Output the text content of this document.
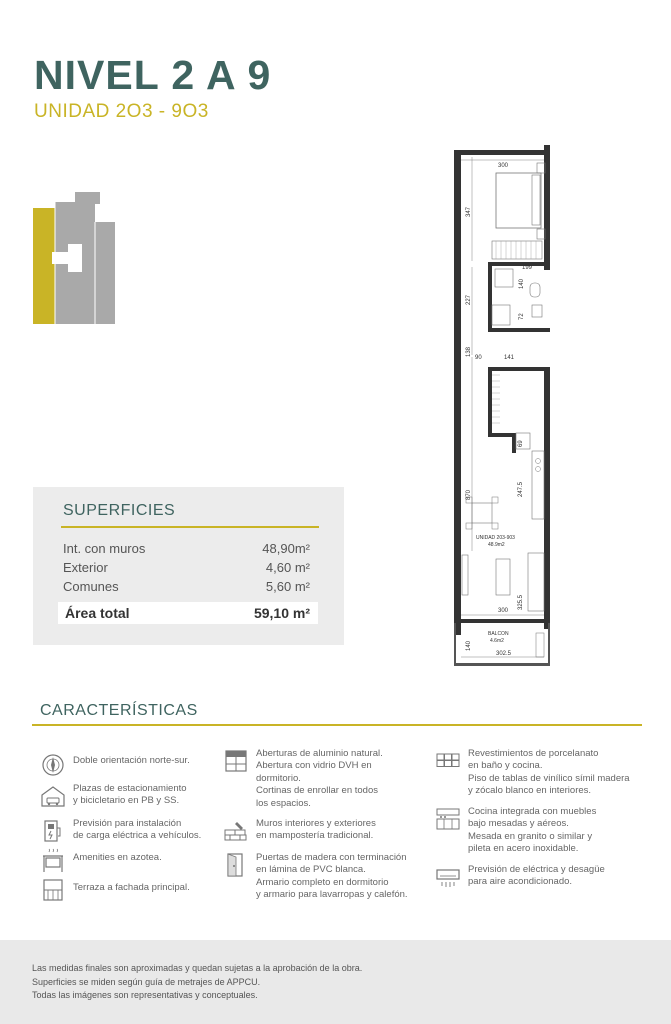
NIVEL 2 A 9
UNIDAD 2O3 - 9O3
300
347
199
140
227
72
138
90	141
69
870	247.5
325.5
300
140
302.5
UNIDAD 203-903
48.9m2
BALCON
4.6m2
SUPERFICIES
Int. con muros	48,90m²
Exterior	4,60 m²
Comunes	5,60 m²
Área total	59,10 m²
CARACTERÍSTICAS
Doble orientación norte-sur.
Plazas de estacionamiento
y bicicletario en PB y SS.
Previsión para instalación
de carga eléctrica a vehículos.
Amenities en azotea.
Terraza a fachada principal.
Aberturas de aluminio natural.
Abertura con vidrio DVH en
dormitorio.
Cortinas de enrollar en todos
los espacios.
Muros interiores y exteriores
en mampostería tradicional.
Puertas de madera con terminación
en lámina de PVC blanca.
Armario completo en dormitorio
y armario para lavarropas y calefón.
Revestimientos de porcelanato
en baño y cocina.
Piso de tablas de vinílico símil madera
y zócalo blanco en interiores.
Cocina integrada con muebles
bajo mesadas y aéreos.
Mesada en granito o similar y
pileta en acero inoxidable.
Previsión de eléctrica y desagüe
para aire acondicionado.
Las medidas finales son aproximadas y quedan sujetas a la aprobación de la obra.
Superficies se miden según guía de metrajes de APPCU.
Todas las imágenes son representativas y conceptuales.
